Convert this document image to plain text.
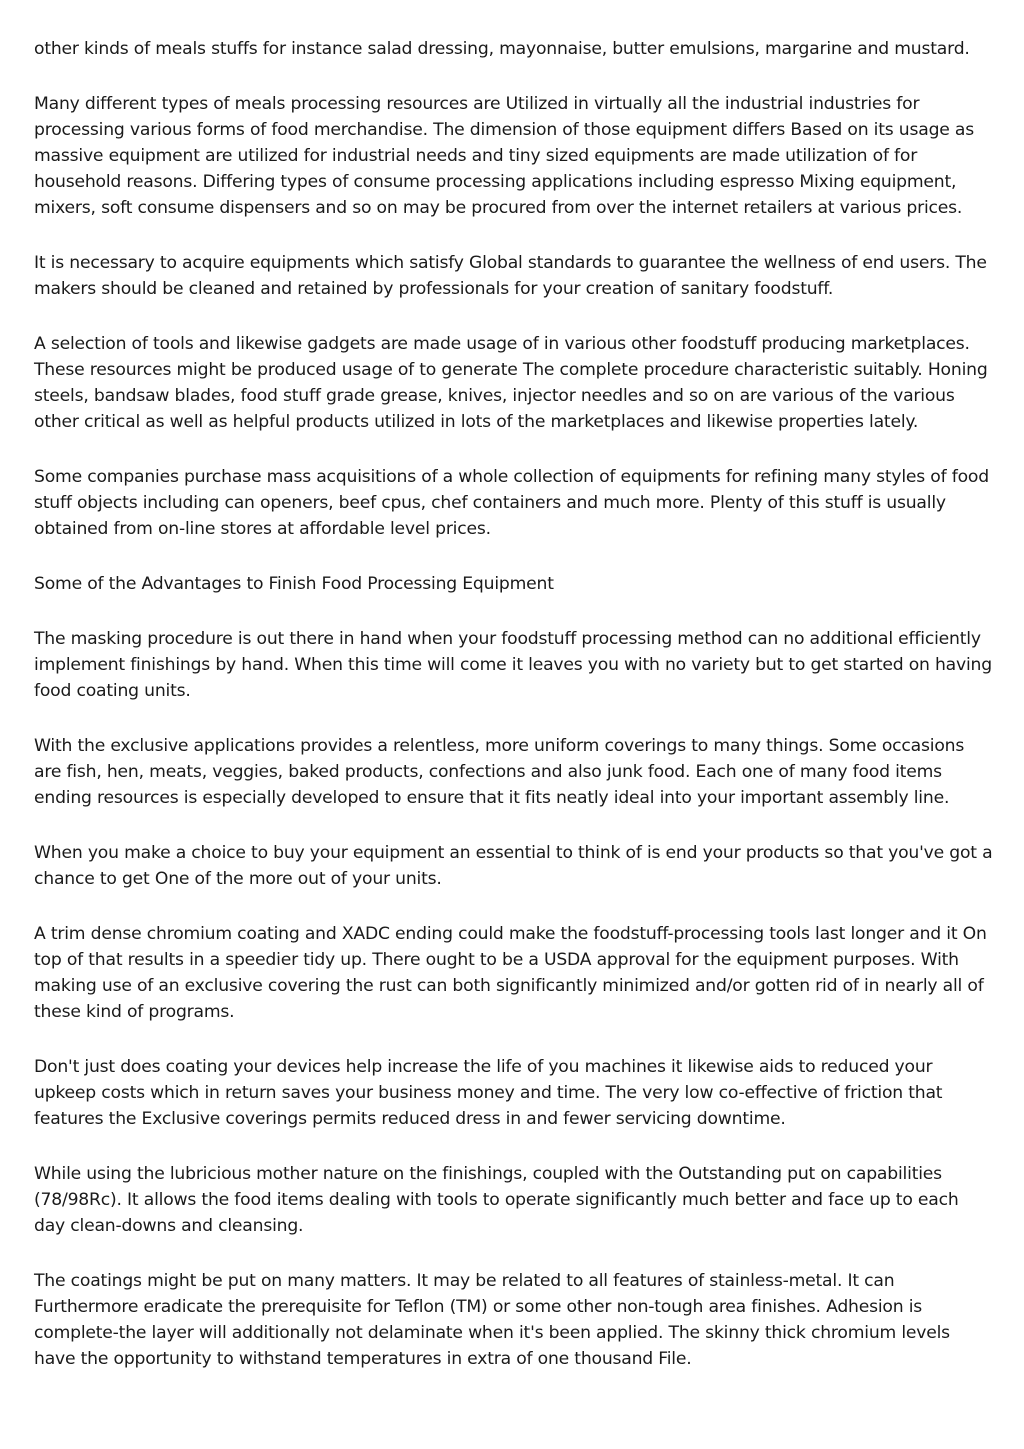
other kinds of meals stuffs for instance salad dressing, mayonnaise, butter emulsions, margarine and mustard.

Many different types of meals processing resources are Utilized in virtually all the industrial industries for processing various forms of food merchandise. The dimension of those equipment differs Based on its usage as massive equipment are utilized for industrial needs and tiny sized equipments are made utilization of for household reasons. Differing types of consume processing applications including espresso Mixing equipment, mixers, soft consume dispensers and so on may be procured from over the internet retailers at various prices.

It is necessary to acquire equipments which satisfy Global standards to guarantee the wellness of end users. The makers should be cleaned and retained by professionals for your creation of sanitary foodstuff.

A selection of tools and likewise gadgets are made usage of in various other foodstuff producing marketplaces. These resources might be produced usage of to generate The complete procedure characteristic suitably. Honing steels, bandsaw blades, food stuff grade grease, knives, injector needles and so on are various of the various other critical as well as helpful products utilized in lots of the marketplaces and likewise properties lately.

Some companies purchase mass acquisitions of a whole collection of equipments for refining many styles of food stuff objects including can openers, beef cpus, chef containers and much more. Plenty of this stuff is usually obtained from on-line stores at affordable level prices.

Some of the Advantages to Finish Food Processing Equipment

The masking procedure is out there in hand when your foodstuff processing method can no additional efficiently implement finishings by hand. When this time will come it leaves you with no variety but to get started on having food coating units.

With the exclusive applications provides a relentless, more uniform coverings to many things. Some occasions are fish, hen, meats, veggies, baked products, confections and also junk food. Each one of many food items ending resources is especially developed to ensure that it fits neatly ideal into your important assembly line.

When you make a choice to buy your equipment an essential to think of is end your products so that you've got a chance to get One of the more out of your units.

A trim dense chromium coating and XADC ending could make the foodstuff-processing tools last longer and it On top of that results in a speedier tidy up. There ought to be a USDA approval for the equipment purposes. With making use of an exclusive covering the rust can both significantly minimized and/or gotten rid of in nearly all of these kind of programs.

Don't just does coating your devices help increase the life of you machines it likewise aids to reduced your upkeep costs which in return saves your business money and time. The very low co-effective of friction that features the Exclusive coverings permits reduced dress in and fewer servicing downtime.

While using the lubricious mother nature on the finishings, coupled with the Outstanding put on capabilities (78/98Rc). It allows the food items dealing with tools to operate significantly much better and face up to each day clean-downs and cleansing.

The coatings might be put on many matters. It may be related to all features of stainless-metal. It can Furthermore eradicate the prerequisite for Teflon (TM) or some other non-tough area finishes. Adhesion is complete-the layer will additionally not delaminate when it's been applied. The skinny thick chromium levels have the opportunity to withstand temperatures in extra of one thousand File.
